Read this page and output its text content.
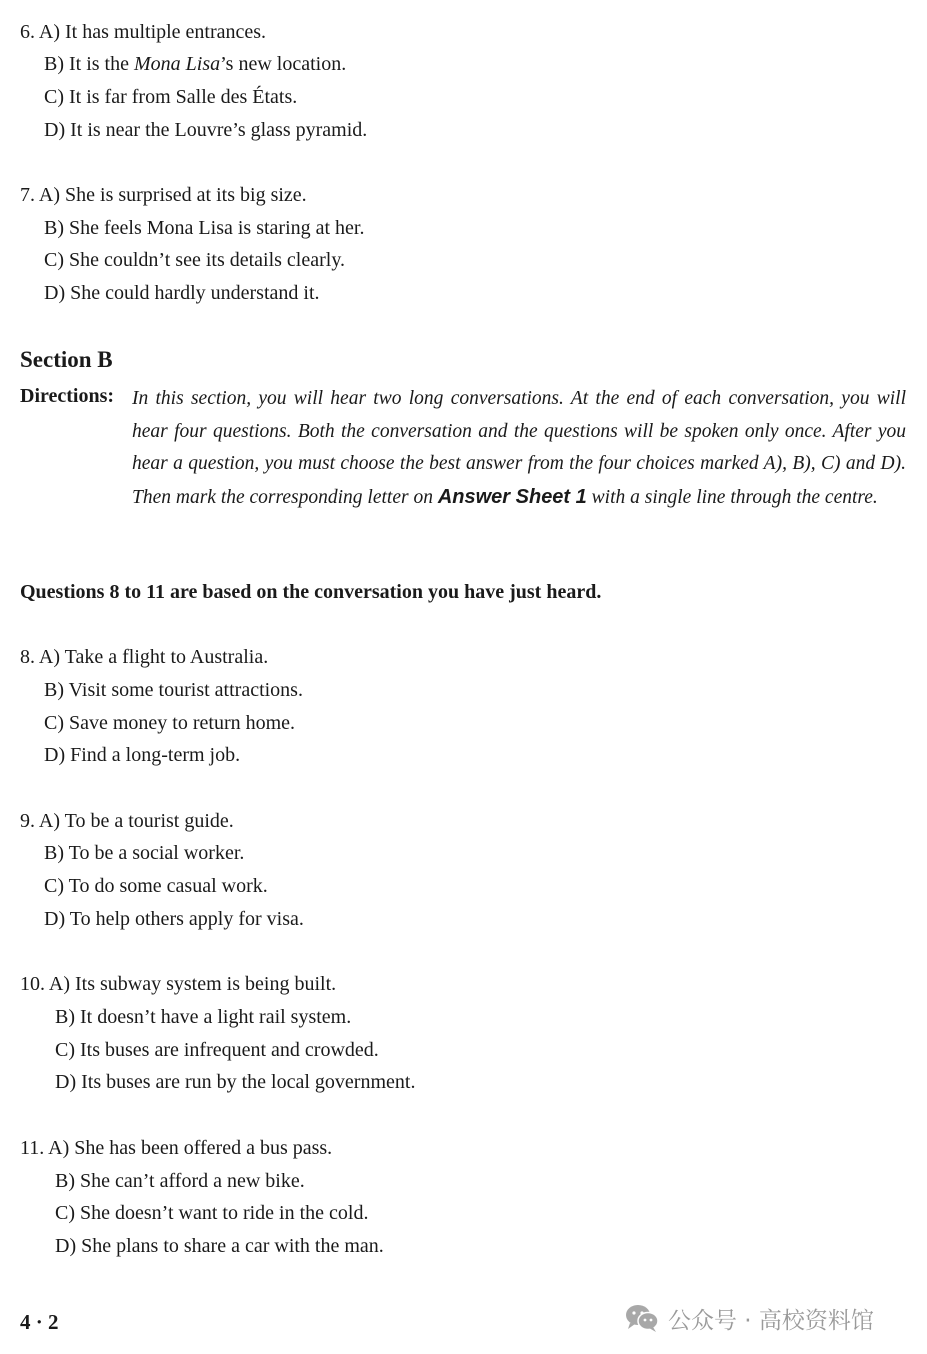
6. A) It has multiple entrances.
B) It is the Mona Lisa’s new location.
C) It is far from Salle des États.
D) It is near the Louvre’s glass pyramid.
7. A) She is surprised at its big size.
B) She feels Mona Lisa is staring at her.
C) She couldn’t see its details clearly.
D) She could hardly understand it.
Section B
Directions: In this section, you will hear two long conversations. At the end of each conversation, you will hear four questions. Both the conversation and the questions will be spoken only once. After you hear a question, you must choose the best answer from the four choices marked A), B), C) and D). Then mark the corresponding letter on Answer Sheet 1 with a single line through the centre.
Questions 8 to 11 are based on the conversation you have just heard.
8. A) Take a flight to Australia.
B) Visit some tourist attractions.
C) Save money to return home.
D) Find a long-term job.
9. A) To be a tourist guide.
B) To be a social worker.
C) To do some casual work.
D) To help others apply for visa.
10. A) Its subway system is being built.
B) It doesn’t have a light rail system.
C) Its buses are infrequent and crowded.
D) Its buses are run by the local government.
11. A) She has been offered a bus pass.
B) She can’t afford a new bike.
C) She doesn’t want to ride in the cold.
D) She plans to share a car with the man.
4 · 2	公众号 · 高校资料馆
